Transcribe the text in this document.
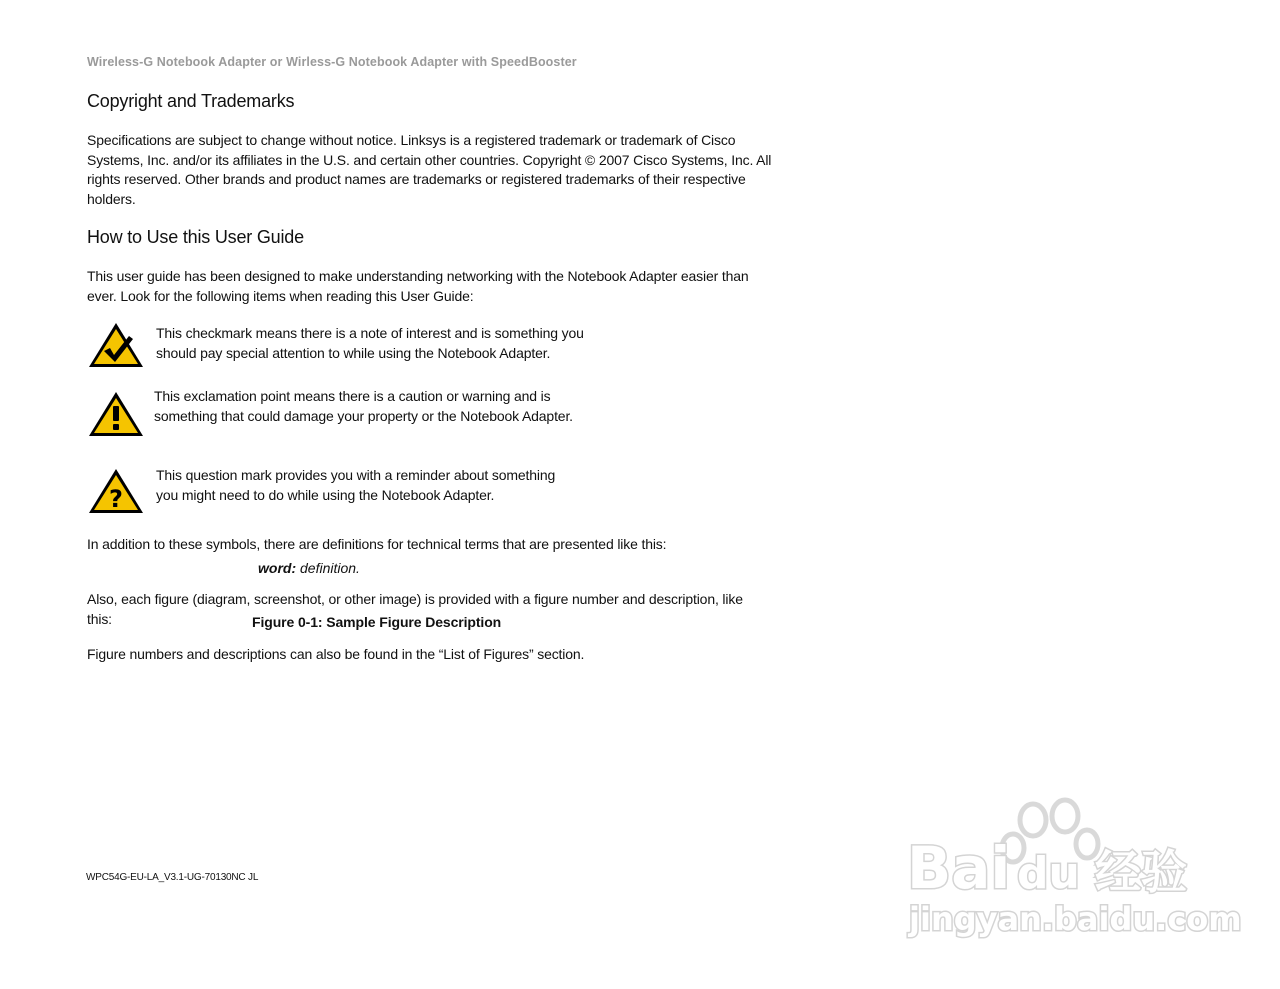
Wireless-G Notebook Adapter or Wirless-G Notebook Adapter with SpeedBooster
Copyright and Trademarks

Specifications are subject to change without notice. Linksys is a registered trademark or trademark of Cisco
Systems, Inc. and/or its affiliates in the U.S. and certain other countries. Copyright © 2007 Cisco Systems, Inc. All
rights reserved. Other brands and product names are trademarks or registered trademarks of their respective
holders.

How to Use this User Guide

This user guide has been designed to make understanding networking with the Notebook Adapter easier than
ever. Look for the following items when reading this User Guide:

This checkmark means there is a note of interest and is something you
should pay special attention to while using the Notebook Adapter.
This exclamation point means there is a caution or warning and is
something that could damage your property or the Notebook Adapter.
?
This question mark provides you with a reminder about something
you might need to do while using the Notebook Adapter.

In addition to these symbols, there are definitions for technical terms that are presented like this:

word: definition.

Also, each figure (diagram, screenshot, or other image) is provided with a figure number and description, like
this:	Figure 0-1: Sample Figure Description

Figure numbers and descriptions can also be found in the “List of Figures” section.

WPC54G-EU-LA_V3.1-UG-70130NC JL	Bai du 经验
jingyan.baidu.com
